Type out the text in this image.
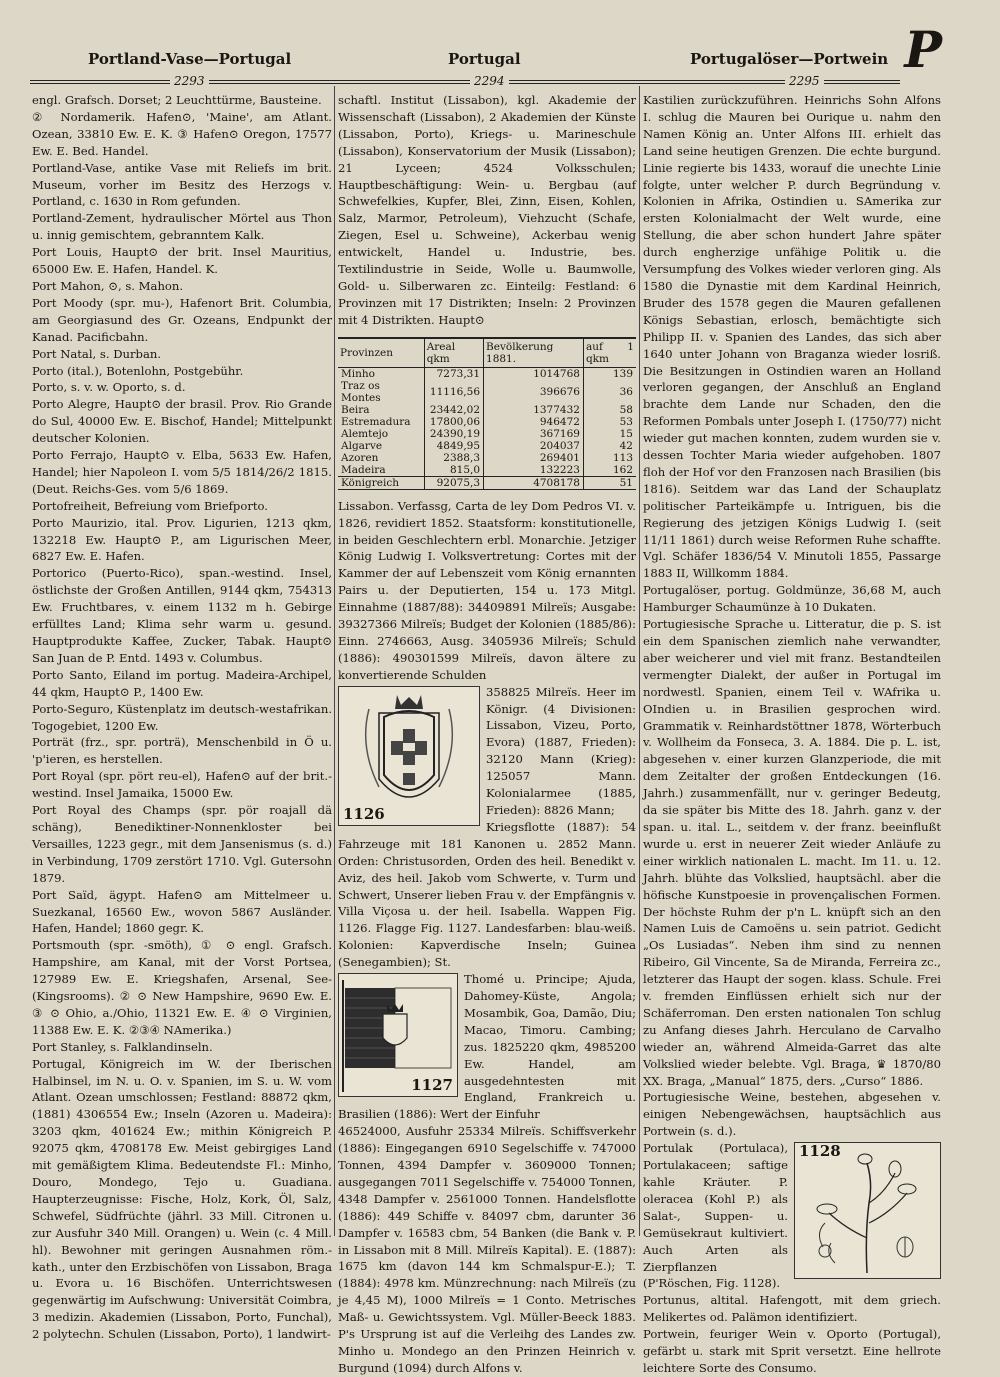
Portland-Vase—Portugal	Portugal	Portugalöser—Portwein P
2293	2294	2295

engl. Grafsch. Dorset; 2 Leuchttürme, Bausteine.

② Nordamerik. Hafen⊙, 'Maine', am Atlant. Ozean, 33810 Ew. E. K. ③ Hafen⊙ Oregon, 17577 Ew. E. Bed. Handel.

Portland-Vase, antike Vase mit Reliefs im brit. Museum, vorher im Besitz des Herzogs v. Portland, c. 1630 in Rom gefunden.

Portland-Zement, hydraulischer Mörtel aus Thon u. innig gemischtem, gebranntem Kalk.

Port Louis, Haupt⊙ der brit. Insel Mauritius, 65000 Ew. E. Hafen, Handel. K.

Port Mahon, ⊙, s. Mahon.

Port Moody (spr. mu-), Hafenort Brit. Columbia, am Georgiasund des Gr. Ozeans, Endpunkt der Kanad. Pacificbahn.

Port Natal, s. Durban.

Porto (ital.), Botenlohn, Postgebühr.

Porto, s. v. w. Oporto, s. d.

Porto Alegre, Haupt⊙ der brasil. Prov. Rio Grande do Sul, 40000 Ew. E. Bischof, Handel; Mittelpunkt deutscher Kolonien.

Porto Ferrajo, Haupt⊙ v. Elba, 5633 Ew. Hafen, Handel; hier Napoleon I. vom 5/5 1814/26/2 1815. (Deut. Reichs-Ges. vom 5/6 1869.

Portofreiheit, Befreiung vom Briefporto.

Porto Maurizio, ital. Prov. Ligurien, 1213 qkm, 132218 Ew. Haupt⊙ P., am Ligurischen Meer, 6827 Ew. E. Hafen.

Portorico (Puerto-Rico), span.-westind. Insel, östlichste der Großen Antillen, 9144 qkm, 754313 Ew. Fruchtbares, v. einem 1132 m h. Gebirge erfülltes Land; Klima sehr warm u. gesund. Hauptprodukte Kaffee, Zucker, Tabak. Haupt⊙ San Juan de P. Entd. 1493 v. Columbus.

Porto Santo, Eiland im portug. Madeira-Archipel, 44 qkm, Haupt⊙ P., 1400 Ew.

Porto-Seguro, Küstenplatz im deutsch-westafrikan. Togogebiet, 1200 Ew.

Porträt (frz., spr. porträ), Menschenbild in Ö u. 'p'ieren, es herstellen.

Port Royal (spr. pört reu-el), Hafen⊙ auf der brit.-westind. Insel Jamaika, 15000 Ew.

Port Royal des Champs (spr. pör roajall dä schäng), Benediktiner-Nonnenkloster bei Versailles, 1223 gegr., mit dem Jansenismus (s. d.) in Verbindung, 1709 zerstört 1710. Vgl. Gutersohn 1879.

Port Saïd, ägypt. Hafen⊙ am Mittelmeer u. Suezkanal, 16560 Ew., wovon 5867 Ausländer. Hafen, Handel; 1860 gegr. K.

Portsmouth (spr. -smöth), ① ⊙ engl. Grafsch. Hampshire, am Kanal, mit der Vorst Portsea, 127989 Ew. E. Kriegshafen, Arsenal, See-(Kingsrooms). ② ⊙ New Hampshire, 9690 Ew. E. ③ ⊙ Ohio, a./Ohio, 11321 Ew. E. ④ ⊙ Virginien, 11388 Ew. E. K. ②③④ NAmerika.)

Port Stanley, s. Falklandinseln.

Portugal, Königreich im W. der Iberischen Halbinsel, im N. u. O. v. Spanien, im S. u. W. vom Atlant. Ozean umschlossen; Festland: 88872 qkm, (1881) 4306554 Ew.; Inseln (Azoren u. Madeira): 3203 qkm, 401624 Ew.; mithin Königreich P. 92075 qkm, 4708178 Ew. Meist gebirgiges Land mit gemäßigtem Klima. Bedeutendste Fl.: Minho, Douro, Mondego, Tejo u. Guadiana. Haupterzeugnisse: Fische, Holz, Kork, Öl, Salz, Schwefel, Südfrüchte (jährl. 33 Mill. Citronen u. zur Ausfuhr 340 Mill. Orangen) u. Wein (c. 4 Mill. hl). Bewohner mit geringen Ausnahmen röm.-kath., unter den Erzbischöfen von Lissabon, Braga u. Evora u. 16 Bischöfen. Unterrichtswesen gegenwärtig im Aufschwung: Universität Coimbra, 3 medizin. Akademien (Lissabon, Porto, Funchal), 2 polytechn. Schulen (Lissabon, Porto), 1 landwirt-

schaftl. Institut (Lissabon), kgl. Akademie der Wissenschaft (Lissabon), 2 Akademien der Künste (Lissabon, Porto), Kriegs- u. Marineschule (Lissabon), Konservatorium der Musik (Lissabon); 21 Lyceen; 4524 Volksschulen; Hauptbeschäftigung: Wein- u. Bergbau (auf Schwefelkies, Kupfer, Blei, Zinn, Eisen, Kohlen, Salz, Marmor, Petroleum), Viehzucht (Schafe, Ziegen, Esel u. Schweine), Ackerbau wenig entwickelt, Handel u. Industrie, bes. Textilindustrie in Seide, Wolle u. Baumwolle, Gold- u. Silberwaren zc. Einteilg: Festland: 6 Provinzen mit 17 Distrikten; Inseln: 2 Provinzen mit 4 Distrikten. Haupt⊙

Provinzen	Areal qkm	Bevölkerung 1881.	auf 1 qkm
Minho	7273,31	1014768	139
Traz os Montes	11116,56	396676	36
Beira	23442,02	1377432	58
Estremadura	17800,06	946472	53
Alemtejo	24390,19	367169	15
Algarve	4849,95	204037	42
Azoren	2388,3	269401	113
Madeira	815,0	132223	162
Königreich	92075,3	4708178	51

Lissabon. Verfassg, Carta de ley Dom Pedros VI. v. 1826, revidiert 1852. Staatsform: konstitutionelle, in beiden Geschlechtern erbl. Monarchie. Jetziger König Ludwig I. Volksvertretung: Cortes mit der Kammer der auf Lebenszeit vom König ernannten Pairs u. der Deputierten, 154 u. 173 Mitgl. Einnahme (1887/88): 34409891 Milreïs; Ausgabe: 39327366 Milreïs; Budget der Kolonien (1885/86): Einn. 2746663, Ausg. 3405936 Milreïs; Schuld (1886): 490301599 Milreïs, davon ältere zu konvertierende Schulden

1126

358825 Milreïs. Heer im Königr. (4 Divisionen: Lissabon, Vizeu, Porto, Evora) (1887, Frieden): 32120 Mann (Krieg): 125057 Mann. Kolonialarmee (1885, Frieden): 8826 Mann;

Kriegsflotte (1887): 54 Fahrzeuge mit 181 Kanonen u. 2852 Mann. Orden: Christusorden, Orden des heil. Benedikt v. Aviz, des heil. Jakob vom Schwerte, v. Turm und Schwert, Unserer lieben Frau v. der Empfängnis v. Villa Viçosa u. der heil. Isabella. Wappen Fig. 1126. Flagge Fig. 1127. Landesfarben: blau-weiß. Kolonien: Kapverdische Inseln; Guinea (Senegambien); St.

1127

Thomé u. Principe; Ajuda, Dahomey-Küste, Angola; Mosambik, Goa, Damão, Diu; Macao, Timoru. Cambing; zus. 1825220 qkm, 4985200 Ew. Handel, am ausgedehntesten mit England, Frankreich u. Brasilien (1886): Wert der Einfuhr

46524000, Ausfuhr 25334 Milreïs. Schiffsverkehr (1886): Eingegangen 6910 Segelschiffe v. 747000 Tonnen, 4394 Dampfer v. 3609000 Tonnen; ausgegangen 7011 Segelschiffe v. 754000 Tonnen, 4348 Dampfer v. 2561000 Tonnen. Handelsflotte (1886): 449 Schiffe v. 84097 cbm, darunter 36 Dampfer v. 16583 cbm, 54 Banken (die Bank v. P. in Lissabon mit 8 Mill. Milreïs Kapital). E. (1887): 1675 km (davon 144 km Schmalspur-E.); T. (1884): 4978 km. Münzrechnung: nach Milreïs (zu je 4,45 M), 1000 Milreïs = 1 Conto. Metrisches Maß- u. Gewichtssystem. Vgl. Müller-Beeck 1883. P's Ursprung ist auf die Verleihg des Landes zw. Minho u. Mondego an den Prinzen Heinrich v. Burgund (1094) durch Alfons v.

Kastilien zurückzuführen. Heinrichs Sohn Alfons I. schlug die Mauren bei Ourique u. nahm den Namen König an. Unter Alfons III. erhielt das Land seine heutigen Grenzen. Die echte burgund. Linie regierte bis 1433, worauf die unechte Linie folgte, unter welcher P. durch Begründung v. Kolonien in Afrika, Ostindien u. SAmerika zur ersten Kolonialmacht der Welt wurde, eine Stellung, die aber schon hundert Jahre später durch engherzige unfähige Politik u. die Versumpfung des Volkes wieder verloren ging. Als 1580 die Dynastie mit dem Kardinal Heinrich, Bruder des 1578 gegen die Mauren gefallenen Königs Sebastian, erlosch, bemächtigte sich Philipp II. v. Spanien des Landes, das sich aber 1640 unter Johann von Braganza wieder losriß. Die Besitzungen in Ostindien waren an Holland verloren gegangen, der Anschluß an England brachte dem Lande nur Schaden, den die Reformen Pombals unter Joseph I. (1750/77) nicht wieder gut machen konnten, zudem wurden sie v. dessen Tochter Maria wieder aufgehoben. 1807 floh der Hof vor den Franzosen nach Brasilien (bis 1816). Seitdem war das Land der Schauplatz politischer Parteikämpfe u. Intriguen, bis die Regierung des jetzigen Königs Ludwig I. (seit 11/11 1861) durch weise Reformen Ruhe schaffte. Vgl. Schäfer 1836/54 V. Minutoli 1855, Passarge 1883 II, Willkomm 1884.

Portugalöser, portug. Goldmünze, 36,68 M, auch Hamburger Schaumünze à 10 Dukaten.

Portugiesische Sprache u. Litteratur, die p. S. ist ein dem Spanischen ziemlich nahe verwandter, aber weicherer und viel mit franz. Bestandteilen vermengter Dialekt, der außer in Portugal im nordwestl. Spanien, einem Teil v. WAfrika u. OIndien u. in Brasilien gesprochen wird. Grammatik v. Reinhardstöttner 1878, Wörterbuch v. Wollheim da Fonseca, 3. A. 1884. Die p. L. ist, abgesehen v. einer kurzen Glanzperiode, die mit dem Zeitalter der großen Entdeckungen (16. Jahrh.) zusammenfällt, nur v. geringer Bedeutg, da sie später bis Mitte des 18. Jahrh. ganz v. der span. u. ital. L., seitdem v. der franz. beeinflußt wurde u. erst in neuerer Zeit wieder Anläufe zu einer wirklich nationalen L. macht. Im 11. u. 12. Jahrh. blühte das Volkslied, hauptsächl. aber die höfische Kunstpoesie in provençalischen Formen. Der höchste Ruhm der p'n L. knüpft sich an den Namen Luis de Camoëns u. sein patriot. Gedicht „Os Lusiadas“. Neben ihm sind zu nennen Ribeiro, Gil Vincente, Sa de Miranda, Ferreira zc., letzterer das Haupt der sogen. klass. Schule. Frei v. fremden Einflüssen erhielt sich nur der Schäferroman. Den ersten nationalen Ton schlug zu Anfang dieses Jahrh. Herculano de Carvalho wieder an, während Almeida-Garret das alte Volkslied wieder belebte. Vgl. Braga, ♛ 1870/80 XX. Braga, „Manual“ 1875, ders. „Curso“ 1886.

Portugiesische Weine, bestehen, abgesehen v. einigen Nebengewächsen, hauptsächlich aus Portwein (s. d.).

1128

Portulak (Portulaca), Portulakaceen; saftige kahle Kräuter. P. oleracea (Kohl P.) als Salat-, Suppen- u. Gemüsekraut kultiviert. Auch Arten als Zierpflanzen (P'Röschen, Fig. 1128).

Portunus, altital. Hafengott, mit dem griech. Melikertes od. Palämon identifiziert.

Portwein, feuriger Wein v. Oporto (Portugal), gefärbt u. stark mit Sprit versetzt. Eine hellrote leichtere Sorte des Consumo.
